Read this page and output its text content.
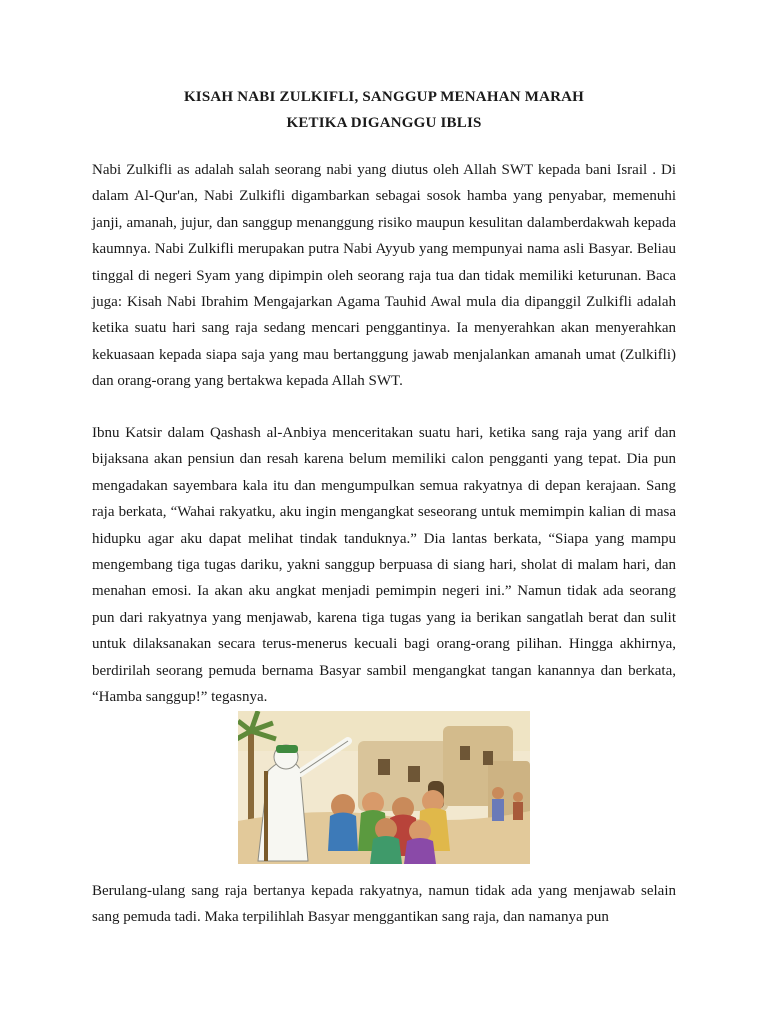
KISAH NABI ZULKIFLI, SANGGUP MENAHAN MARAH
KETIKA DIGANGGU IBLIS

Nabi Zulkifli as adalah salah seorang nabi yang diutus oleh Allah SWT kepada bani Israil . Di dalam Al-Qur'an, Nabi Zulkifli digambarkan sebagai sosok hamba yang penyabar, memenuhi janji, amanah, jujur, dan sanggup menanggung risiko maupun kesulitan dalamberdakwah kepada kaumnya. Nabi Zulkifli merupakan putra Nabi Ayyub yang mempunyai nama asli Basyar. Beliau tinggal di negeri Syam yang dipimpin oleh seorang raja tua dan tidak memiliki keturunan. Baca juga: Kisah Nabi Ibrahim Mengajarkan Agama Tauhid Awal mula dia dipanggil Zulkifli adalah ketika suatu hari sang raja sedang mencari penggantinya. Ia menyerahkan akan menyerahkan kekuasaan kepada siapa saja yang mau bertanggung jawab menjalankan amanah umat (Zulkifli) dan orang-orang yang bertakwa kepada Allah SWT.

Ibnu Katsir dalam Qashash al-Anbiya menceritakan suatu hari, ketika sang raja yang arif dan bijaksana akan pensiun dan resah karena belum memiliki calon pengganti yang tepat. Dia pun mengadakan sayembara kala itu dan mengumpulkan semua rakyatnya di depan kerajaan. Sang raja berkata, “Wahai rakyatku, aku ingin mengangkat seseorang untuk memimpin kalian di masa hidupku agar aku dapat melihat tindak tanduknya.” Dia lantas berkata, “Siapa yang mampu mengembang tiga tugas dariku, yakni sanggup berpuasa di siang hari, sholat di malam hari, dan menahan emosi. Ia akan aku angkat menjadi pemimpin negeri ini.” Namun tidak ada seorang pun dari rakyatnya yang menjawab, karena tiga tugas yang ia berikan sangatlah berat dan sulit untuk dilaksanakan secara terus-menerus kecuali bagi orang-orang pilihan. Hingga akhirnya, berdirilah seorang pemuda bernama Basyar sambil mengangkat tangan kanannya dan berkata, “Hamba sanggup!” tegasnya.

Berulang-ulang sang raja bertanya kepada rakyatnya, namun tidak ada yang menjawab selain sang pemuda tadi. Maka terpilihlah Basyar menggantikan sang raja, dan namanya pun
